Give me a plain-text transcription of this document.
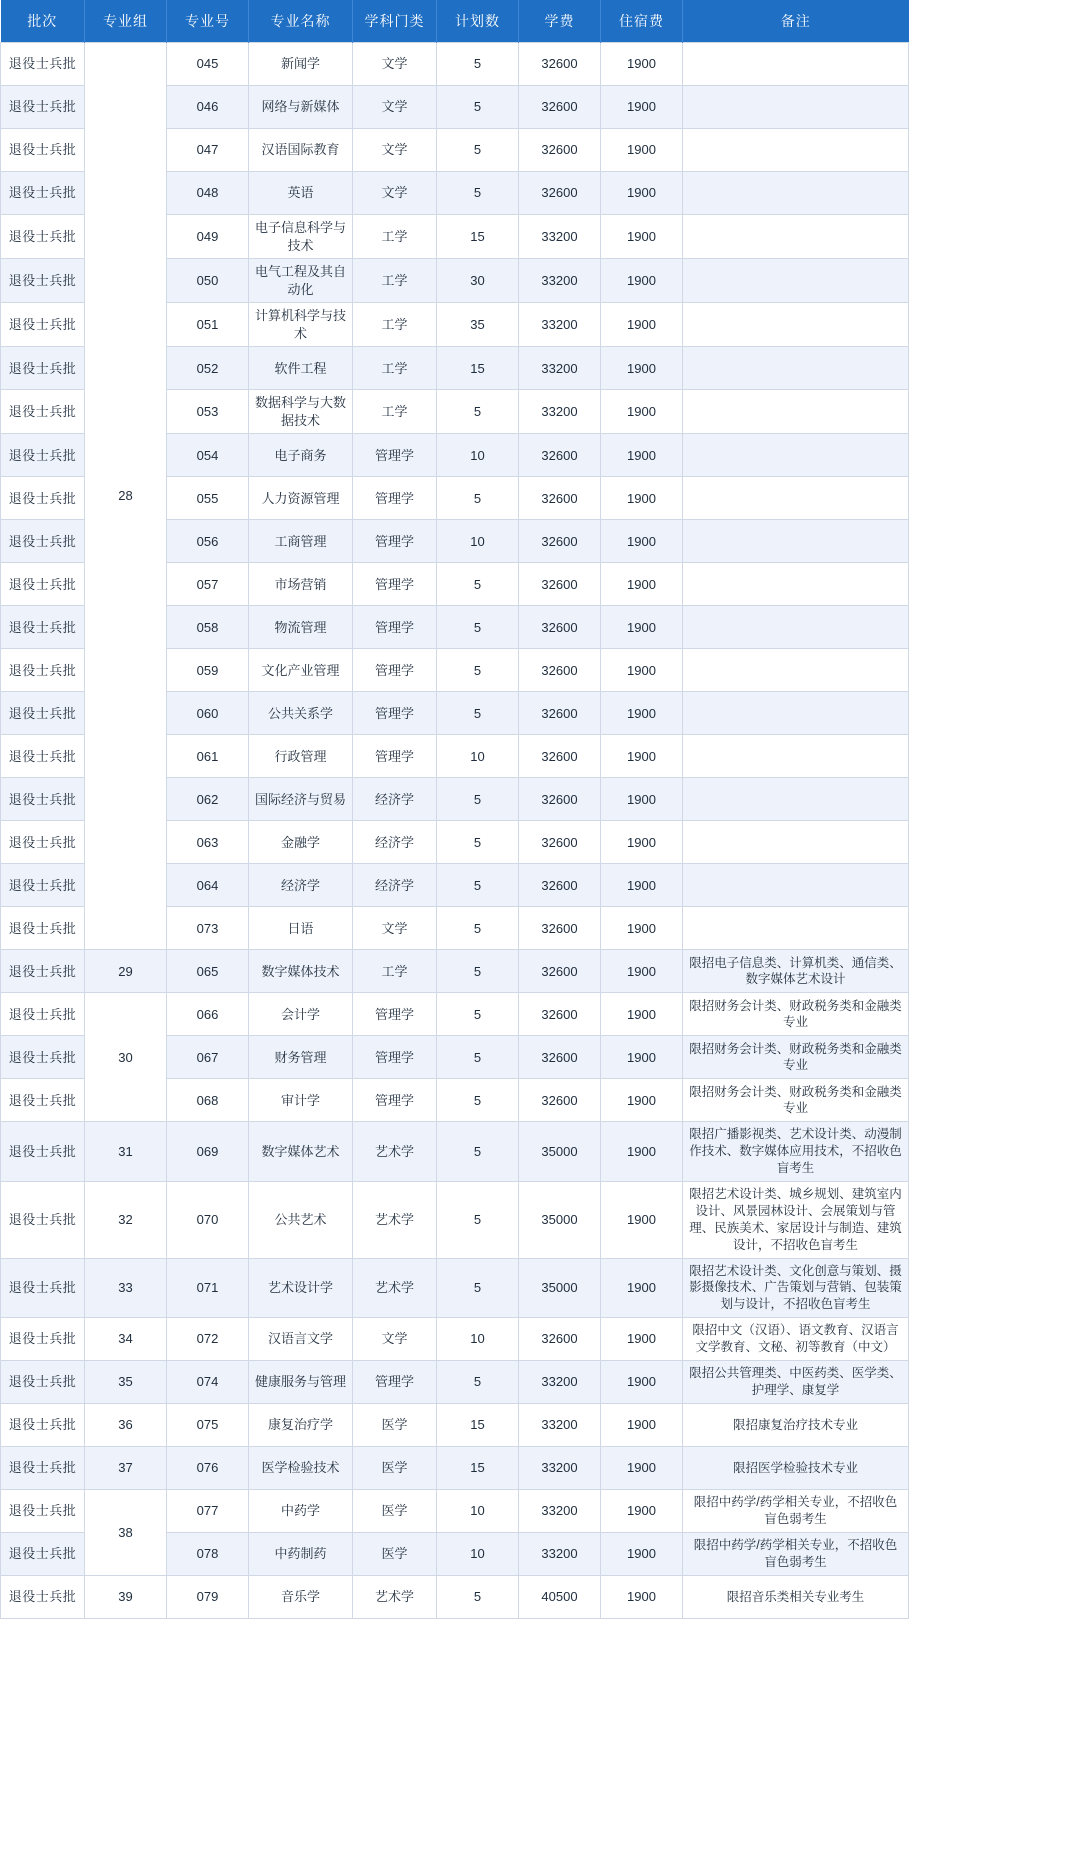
批次	专业组	专业号	专业名称	学科门类	计划数	学费	住宿费	备注
退役士兵批	28	045	新闻学	文学	5	32600	1900	
退役士兵批		046	网络与新媒体	文学	5	32600	1900	
退役士兵批		047	汉语国际教育	文学	5	32600	1900	
退役士兵批		048	英语	文学	5	32600	1900	
退役士兵批		049	电子信息科学与技术	工学	15	33200	1900	
退役士兵批		050	电气工程及其自动化	工学	30	33200	1900	
退役士兵批		051	计算机科学与技术	工学	35	33200	1900	
退役士兵批		052	软件工程	工学	15	33200	1900	
退役士兵批		053	数据科学与大数据技术	工学	5	33200	1900	
退役士兵批		054	电子商务	管理学	10	32600	1900	
退役士兵批		055	人力资源管理	管理学	5	32600	1900	
退役士兵批		056	工商管理	管理学	10	32600	1900	
退役士兵批		057	市场营销	管理学	5	32600	1900	
退役士兵批		058	物流管理	管理学	5	32600	1900	
退役士兵批		059	文化产业管理	管理学	5	32600	1900	
退役士兵批		060	公共关系学	管理学	5	32600	1900	
退役士兵批		061	行政管理	管理学	10	32600	1900	
退役士兵批		062	国际经济与贸易	经济学	5	32600	1900	
退役士兵批		063	金融学	经济学	5	32600	1900	
退役士兵批		064	经济学	经济学	5	32600	1900	
退役士兵批		073	日语	文学	5	32600	1900	
退役士兵批	29	065	数字媒体技术	工学	5	32600	1900	限招电子信息类、计算机类、通信类、数字媒体艺术设计
退役士兵批	30	066	会计学	管理学	5	32600	1900	限招财务会计类、财政税务类和金融类专业
退役士兵批		067	财务管理	管理学	5	32600	1900	限招财务会计类、财政税务类和金融类专业
退役士兵批		068	审计学	管理学	5	32600	1900	限招财务会计类、财政税务类和金融类专业
退役士兵批	31	069	数字媒体艺术	艺术学	5	35000	1900	限招广播影视类、艺术设计类、动漫制作技术、数字媒体应用技术，不招收色盲考生
退役士兵批	32	070	公共艺术	艺术学	5	35000	1900	限招艺术设计类、城乡规划、建筑室内设计、风景园林设计、会展策划与管理、民族美术、家居设计与制造、建筑设计，不招收色盲考生
退役士兵批	33	071	艺术设计学	艺术学	5	35000	1900	限招艺术设计类、文化创意与策划、摄影摄像技术、广告策划与营销、包装策划与设计，不招收色盲考生
退役士兵批	34	072	汉语言文学	文学	10	32600	1900	限招中文（汉语）、语文教育、汉语言文学教育、文秘、初等教育（中文）
退役士兵批	35	074	健康服务与管理	管理学	5	33200	1900	限招公共管理类、中医药类、医学类、护理学、康复学
退役士兵批	36	075	康复治疗学	医学	15	33200	1900	限招康复治疗技术专业
退役士兵批	37	076	医学检验技术	医学	15	33200	1900	限招医学检验技术专业
退役士兵批	38	077	中药学	医学	10	33200	1900	限招中药学/药学相关专业，不招收色盲色弱考生
退役士兵批		078	中药制药	医学	10	33200	1900	限招中药学/药学相关专业，不招收色盲色弱考生
退役士兵批	39	079	音乐学	艺术学	5	40500	1900	限招音乐类相关专业考生
